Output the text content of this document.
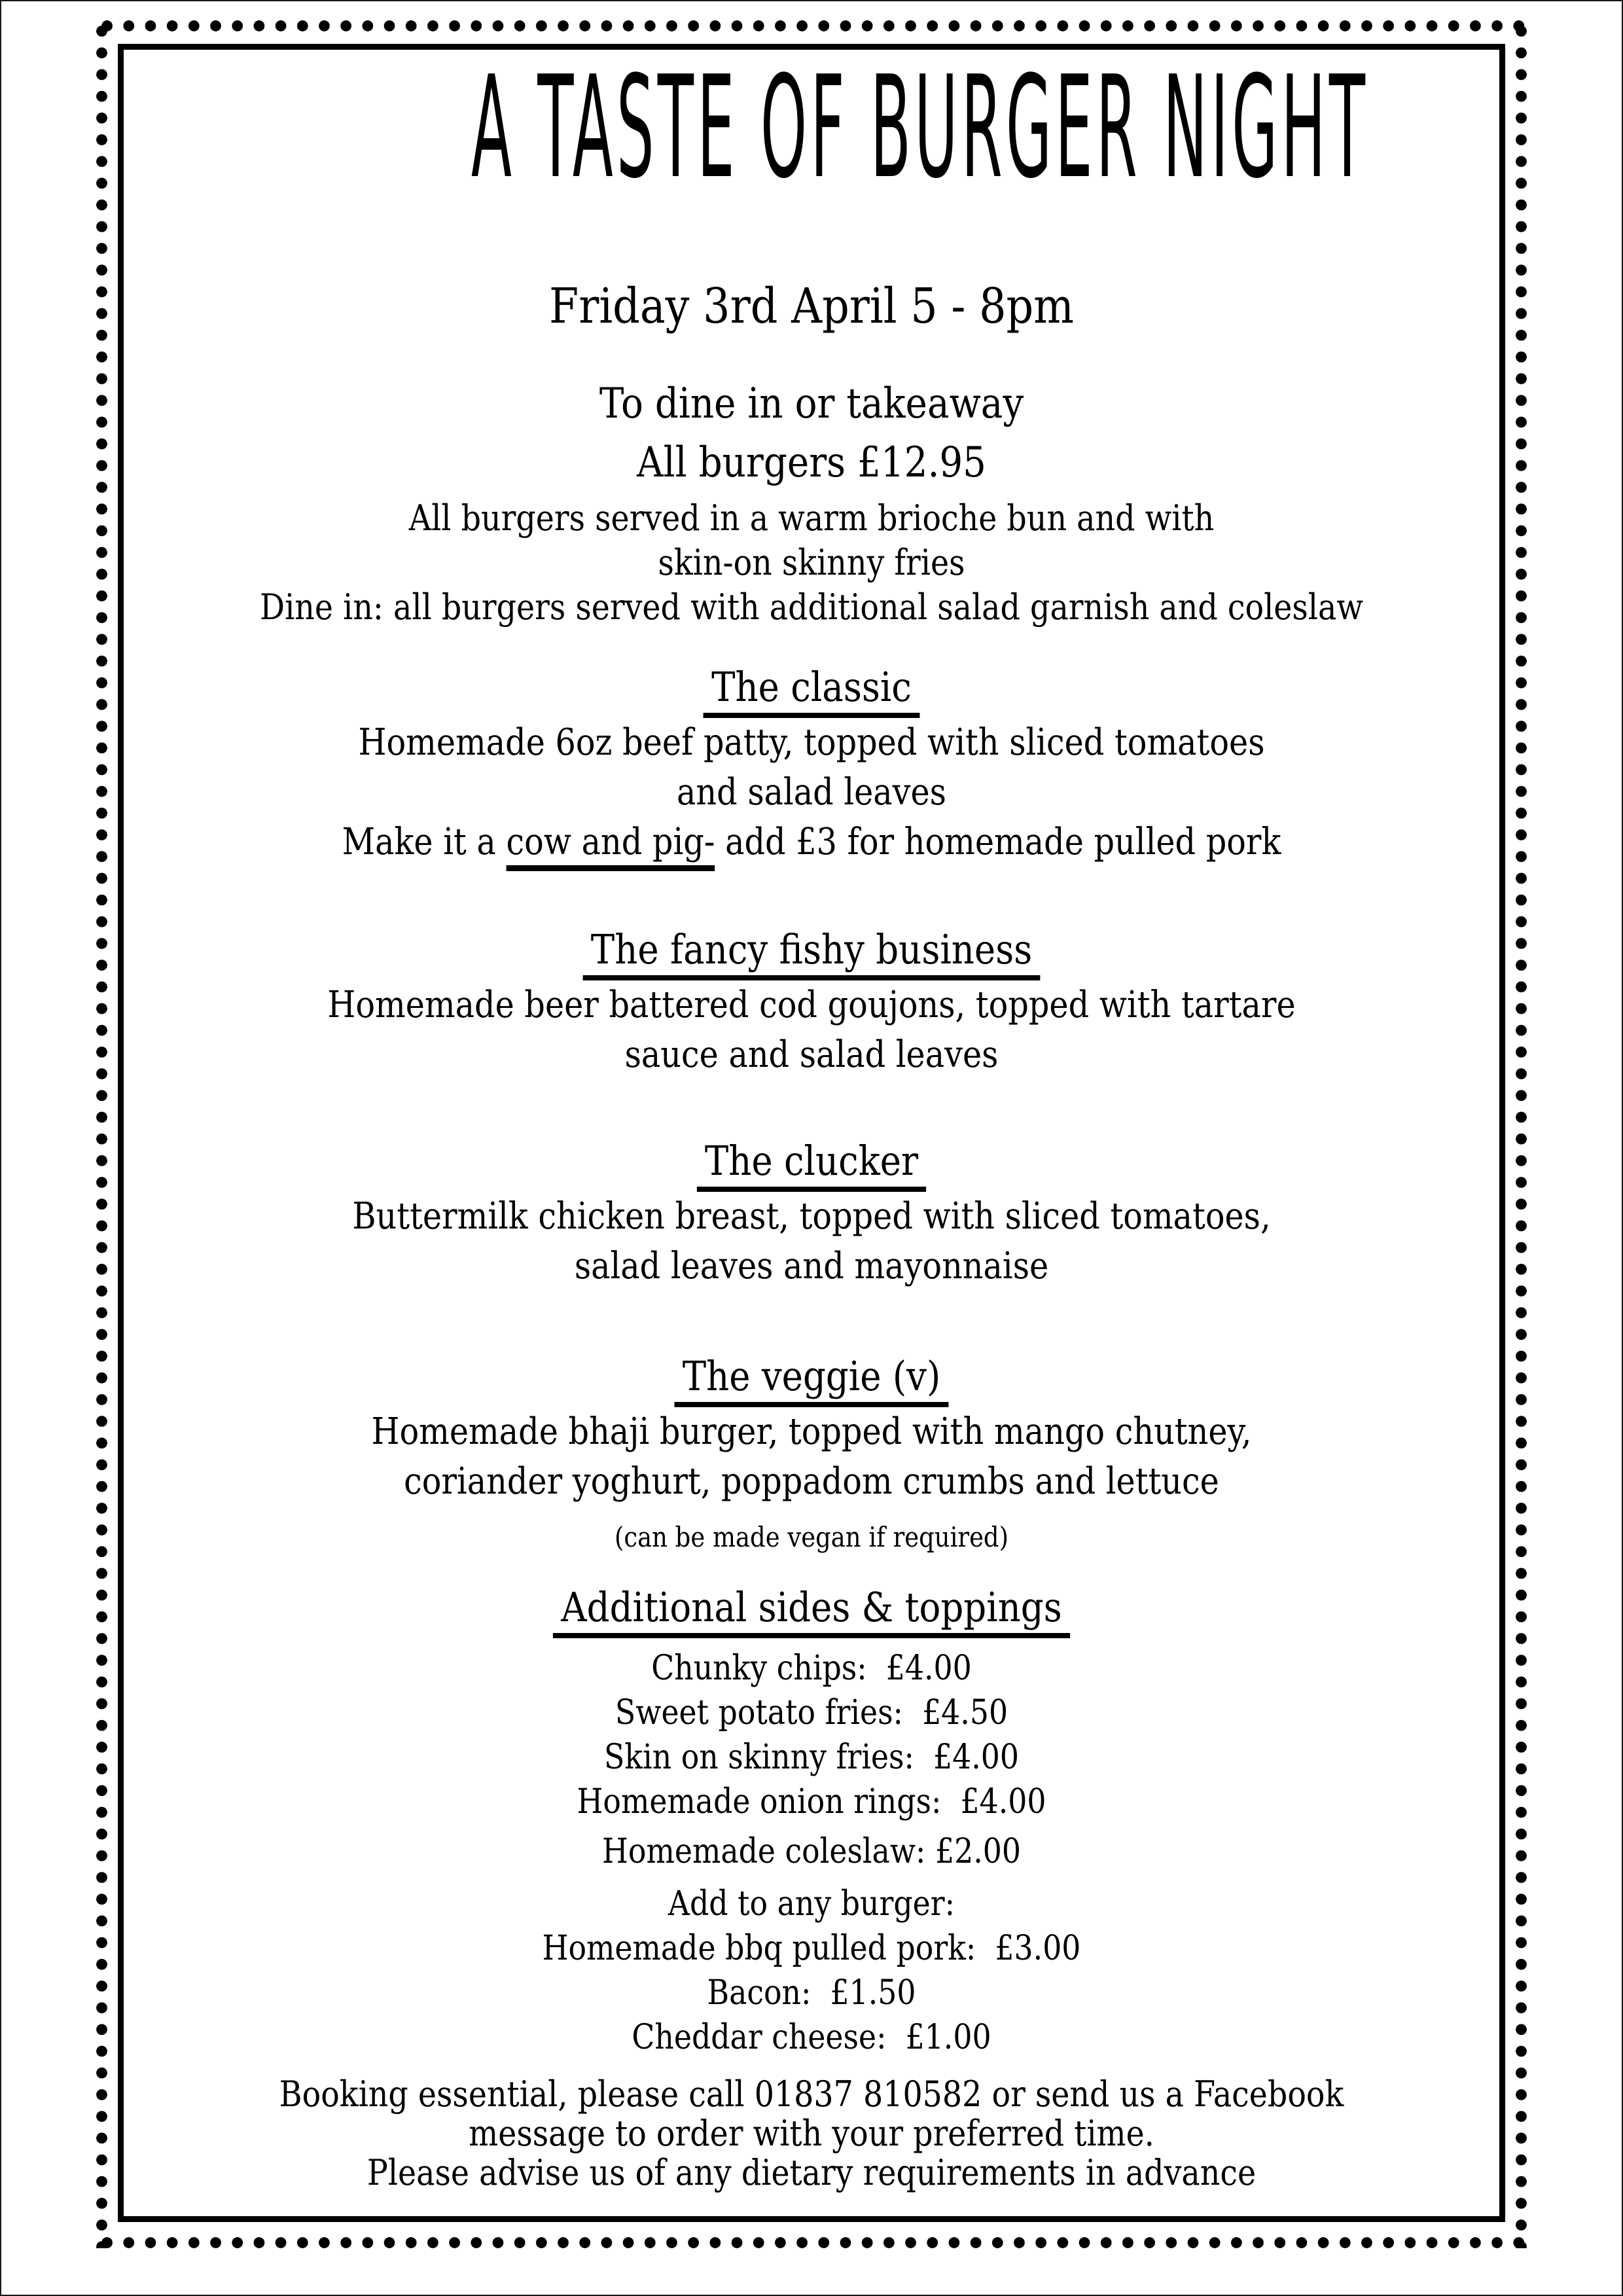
A TASTE OF BURGER NIGHT
Friday 3rd April 5 - 8pm
To dine in or takeaway
All burgers £12.95
All burgers served in a warm brioche bun and with
skin-on skinny fries
Dine in: all burgers served with additional salad garnish and coleslaw
The classic
Homemade 6oz beef patty, topped with sliced tomatoes
and salad leaves
Make it a cow and pig- add £3 for homemade pulled pork
The fancy fishy business
Homemade beer battered cod goujons, topped with tartare
sauce and salad leaves
The clucker
Buttermilk chicken breast, topped with sliced tomatoes,
salad leaves and mayonnaise
The veggie (v)
Homemade bhaji burger, topped with mango chutney,
coriander yoghurt, poppadom crumbs and lettuce
(can be made vegan if required)
Additional sides & toppings
Chunky chips:  £4.00
Sweet potato fries:  £4.50
Skin on skinny fries:  £4.00
Homemade onion rings:  £4.00
Homemade coleslaw: £2.00
Add to any burger:
Homemade bbq pulled pork:  £3.00
Bacon:  £1.50
Cheddar cheese:  £1.00
Booking essential, please call 01837 810582 or send us a Facebook
message to order with your preferred time.
Please advise us of any dietary requirements in advance
